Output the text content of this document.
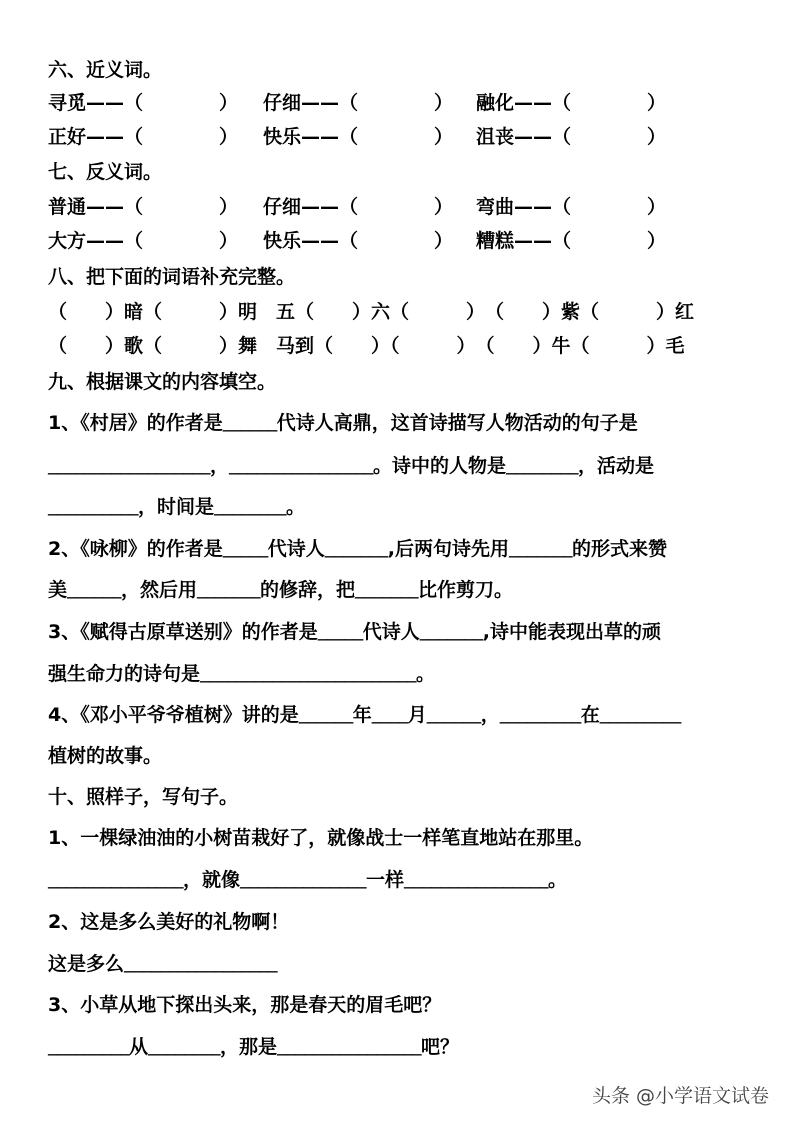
六、近义词。
寻觅——（　　　　） 仔细——（　　　　） 融化——（　　　　）
正好——（　　　　） 快乐——（　　　　） 沮丧——（　　　　）
七、反义词。
普通——（　　　　） 仔细——（　　　　） 弯曲——（　　　　）
大方——（　　　　） 快乐——（　　　　） 糟糕——（　　　　）
八、把下面的词语补充完整。
（　　）暗（　　　）明　五（　　）六（　　　）　（　　）紫（　　　）红
（　　）歌（　　　）舞　马到（　　）（　　　）　（　　）牛（　　　）毛
九、根据课文的内容填空。
1、《村居》的作者是______代诗人高鼎，这首诗描写人物活动的句子是
__________________，________________。诗中的人物是________，活动是
__________，时间是________。
2、《咏柳》的作者是_____代诗人_______,后两句诗先用_______的形式来赞
美______，然后用_______的修辞，把_______比作剪刀。
3、《赋得古原草送别》的作者是_____代诗人_______,诗中能表现出草的顽
强生命力的诗句是________________________。
4、《邓小平爷爷植树》讲的是______年____月______，_________在_________
植树的故事。
十、照样子，写句子。
1、一棵绿油油的小树苗栽好了，就像战士一样笔直地站在那里。
_______________，就像______________一样________________。
2、这是多么美好的礼物啊！
这是多么_________________
3、小草从地下探出头来，那是春天的眉毛吧？
_________从________，那是________________吧？
头条 @小学语文试卷
